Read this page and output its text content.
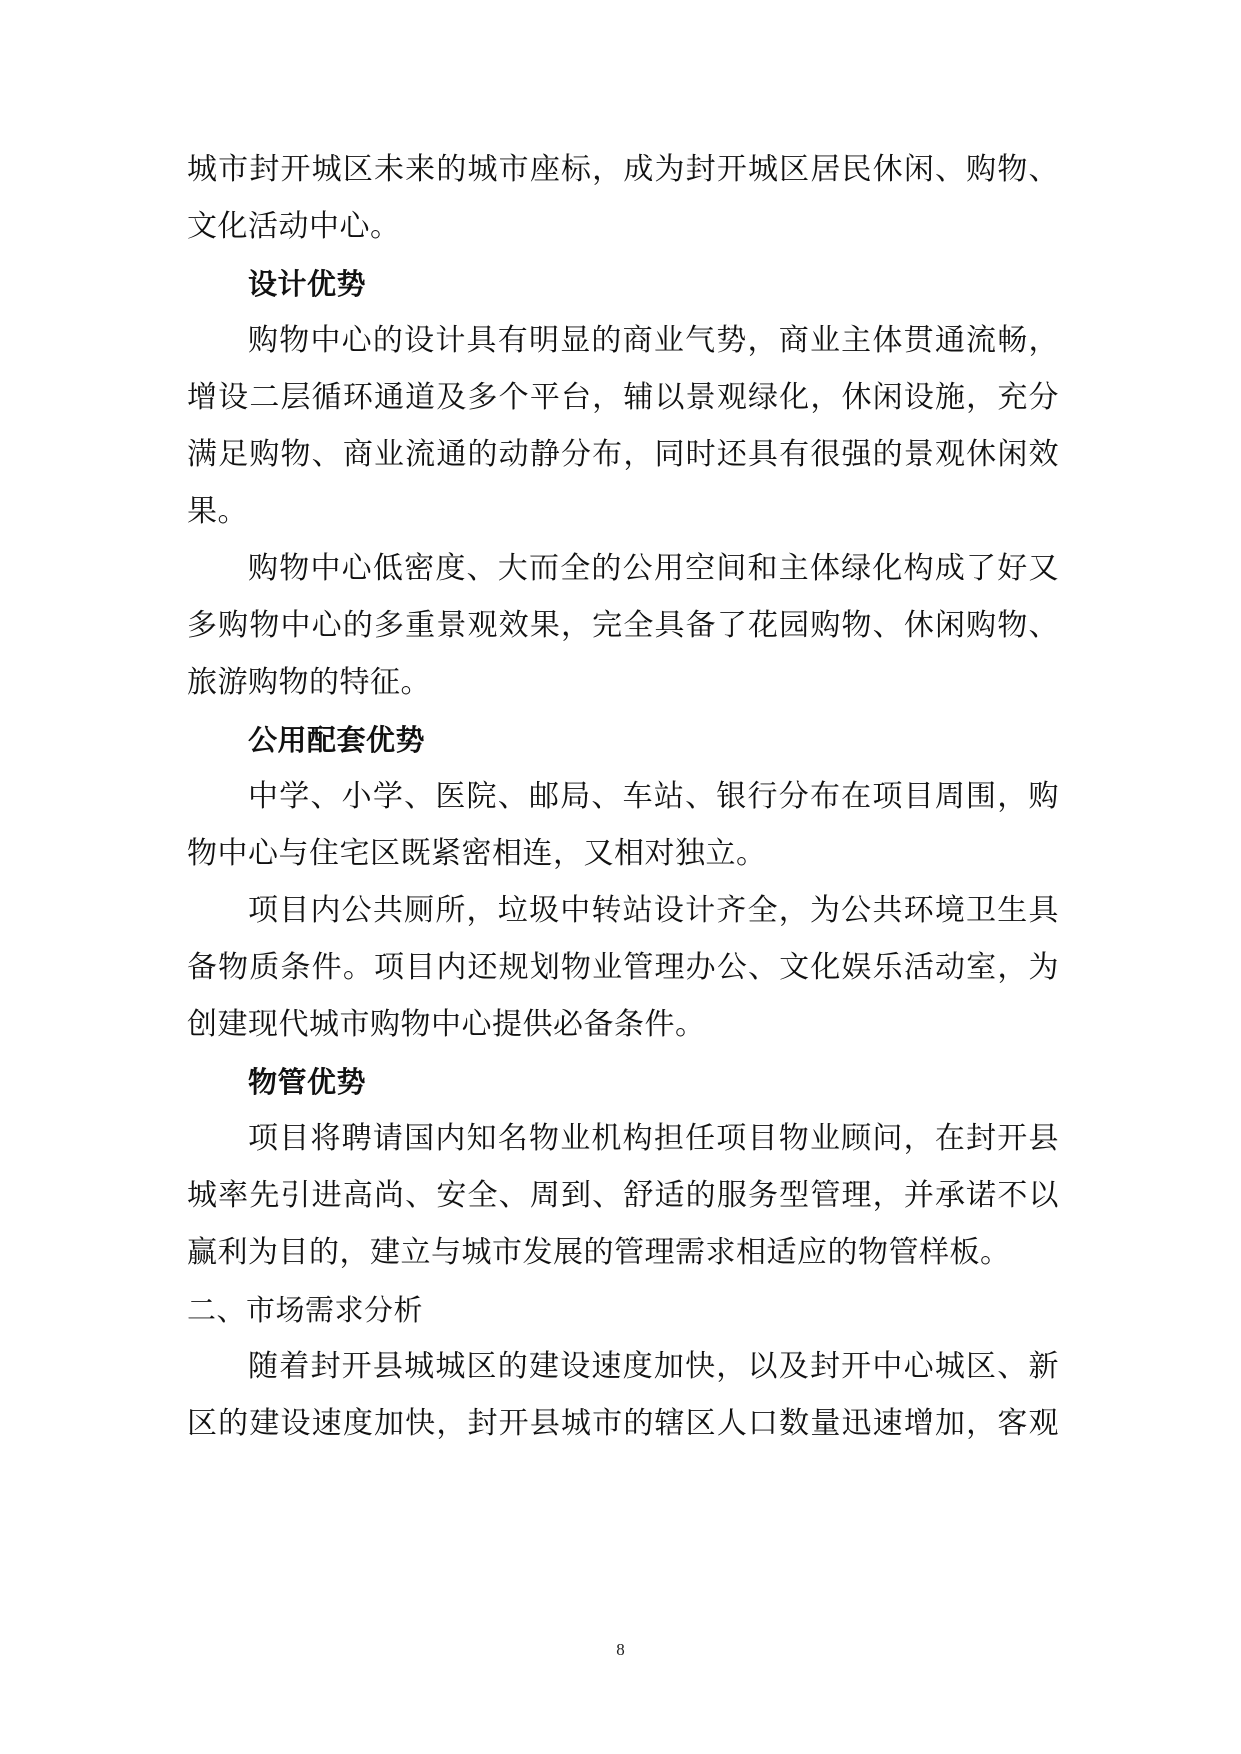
城市封开城区未来的城市座标，成为封开城区居民休闲、购物、
文化活动中心。
设计优势
购物中心的设计具有明显的商业气势，商业主体贯通流畅，
增设二层循环通道及多个平台，辅以景观绿化，休闲设施，充分
满足购物、商业流通的动静分布，同时还具有很强的景观休闲效
果。
购物中心低密度、大而全的公用空间和主体绿化构成了好又
多购物中心的多重景观效果，完全具备了花园购物、休闲购物、
旅游购物的特征。
公用配套优势
中学、小学、医院、邮局、车站、银行分布在项目周围，购
物中心与住宅区既紧密相连，又相对独立。
项目内公共厕所，垃圾中转站设计齐全，为公共环境卫生具
备物质条件。项目内还规划物业管理办公、文化娱乐活动室，为
创建现代城市购物中心提供必备条件。
物管优势
项目将聘请国内知名物业机构担任项目物业顾问，在封开县
城率先引进高尚、安全、周到、舒适的服务型管理，并承诺不以
赢利为目的，建立与城市发展的管理需求相适应的物管样板。
二、市场需求分析
随着封开县城城区的建设速度加快，以及封开中心城区、新
区的建设速度加快，封开县城市的辖区人口数量迅速增加，客观
8
